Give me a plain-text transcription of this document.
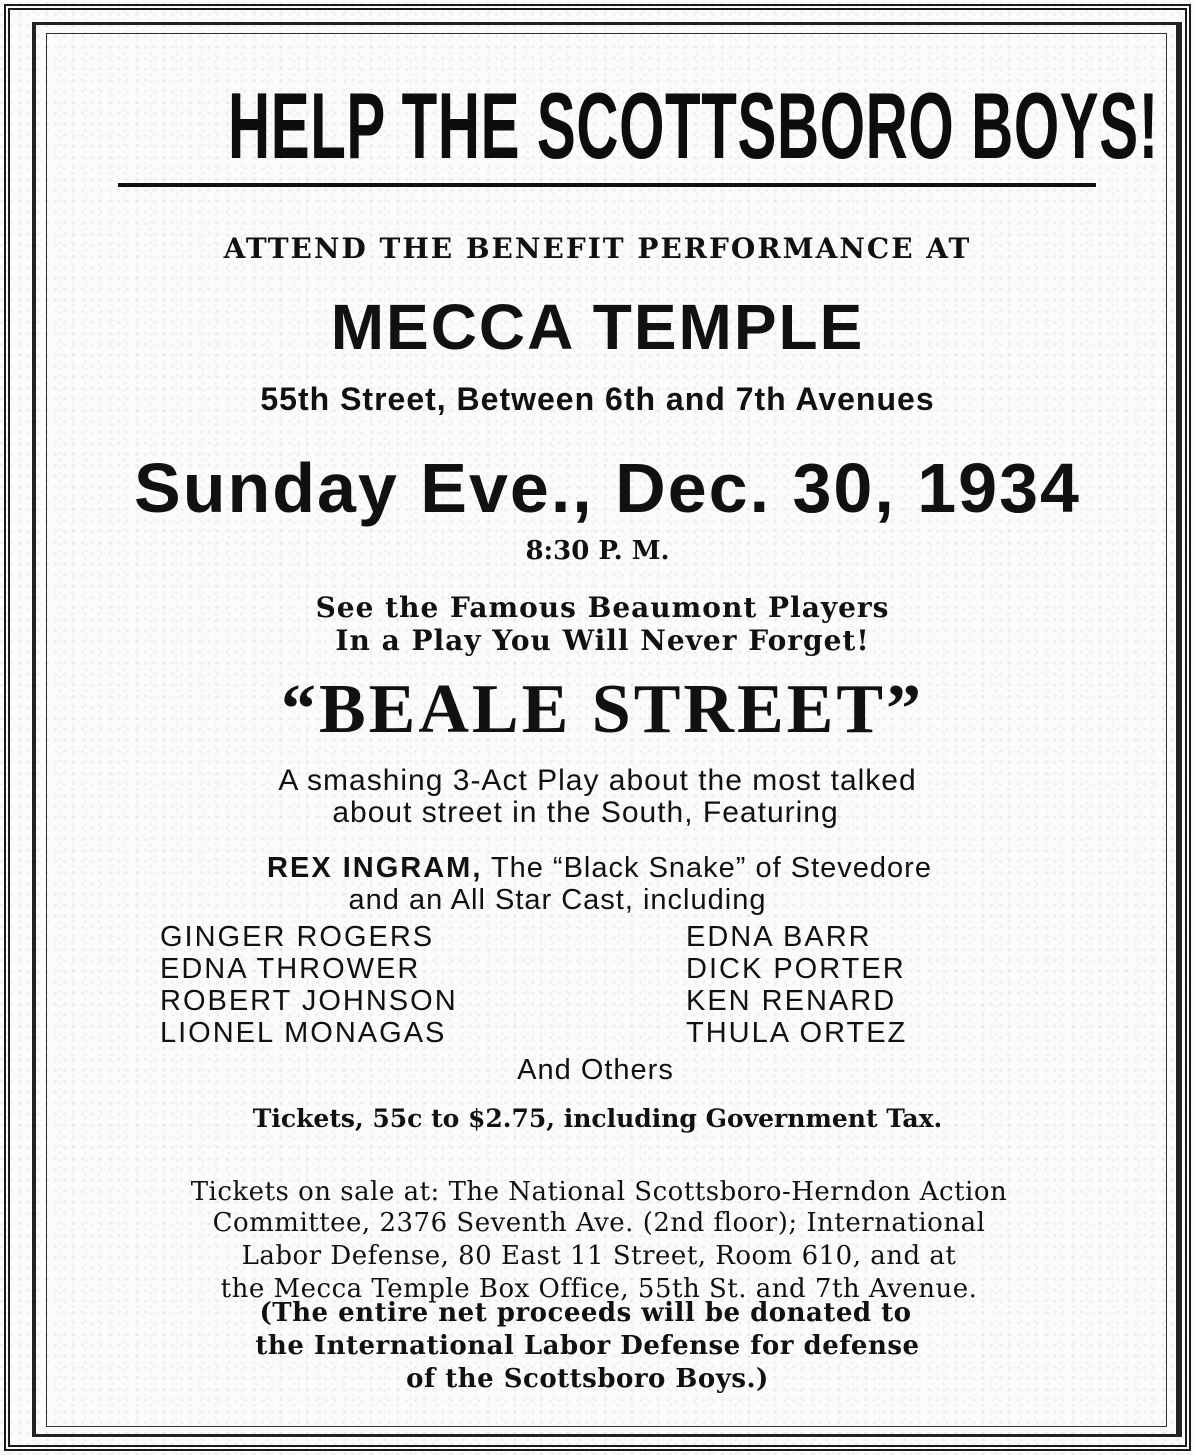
HELP THE SCOTTSBORO BOYS!

ATTEND THE BENEFIT PERFORMANCE AT

MECCA TEMPLE

55th Street, Between 6th and 7th Avenues

Sunday Eve., Dec. 30, 1934

8:30 P. M.

See the Famous Beaumont Players

In a Play You Will Never Forget!

“BEALE STREET”

A smashing 3-Act Play about the most talked

about street in the South, Featuring

REX INGRAM, The “Black Snake” of Stevedore

and an All Star Cast, including

GINGER ROGERS
EDNA THROWER
ROBERT JOHNSON
LIONEL MONAGAS
EDNA BARR
DICK PORTER
KEN RENARD
THULA ORTEZ

And Others

Tickets, 55c to $2.75, including Government Tax.

Tickets on sale at: The National Scottsboro-Herndon Action

Committee, 2376 Seventh Ave. (2nd floor); International

Labor Defense, 80 East 11 Street, Room 610, and at

the Mecca Temple Box Office, 55th St. and 7th Avenue.

(The entire net proceeds will be donated to

the International Labor Defense for defense

of the Scottsboro Boys.)
